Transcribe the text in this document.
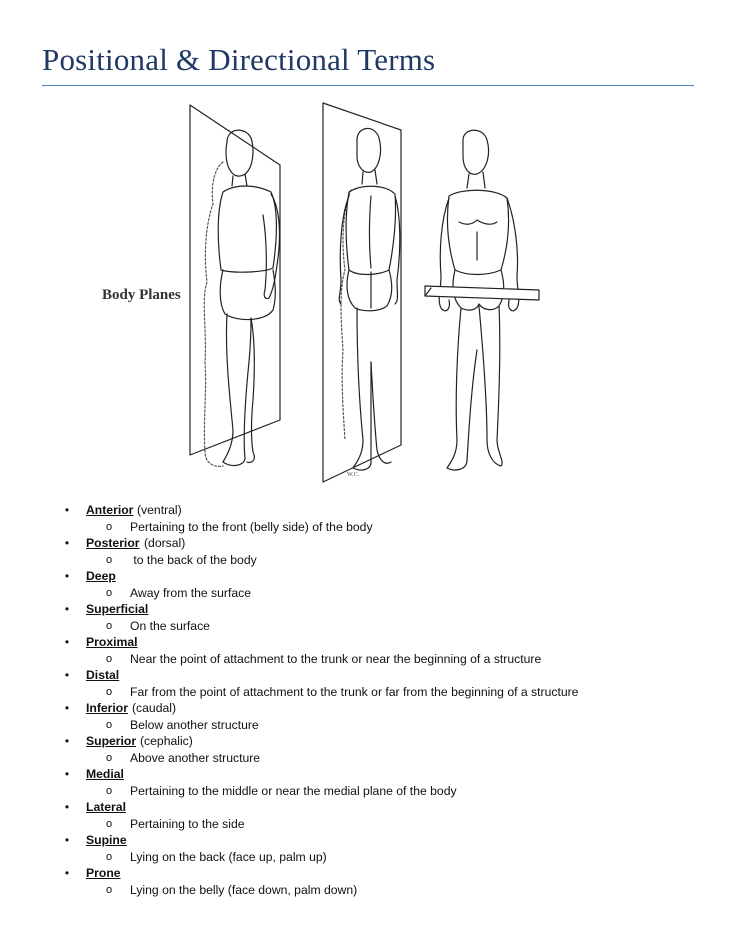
Positional & Directional Terms
W.C.
Body Planes
• Anterior (ventral)
o Pertaining to the front (belly side) of the body
• Posterior (dorsal)
o to the back of the body
• Deep
o Away from the surface
• Superficial
o On the surface
• Proximal
o Near the point of attachment to the trunk or near the beginning of a structure
• Distal
o Far from the point of attachment to the trunk or far from the beginning of a structure
• Inferior (caudal)
o Below another structure
• Superior (cephalic)
o Above another structure
• Medial
o Pertaining to the middle or near the medial plane of the body
• Lateral
o Pertaining to the side
• Supine
o Lying on the back (face up, palm up)
• Prone
o Lying on the belly (face down, palm down)
